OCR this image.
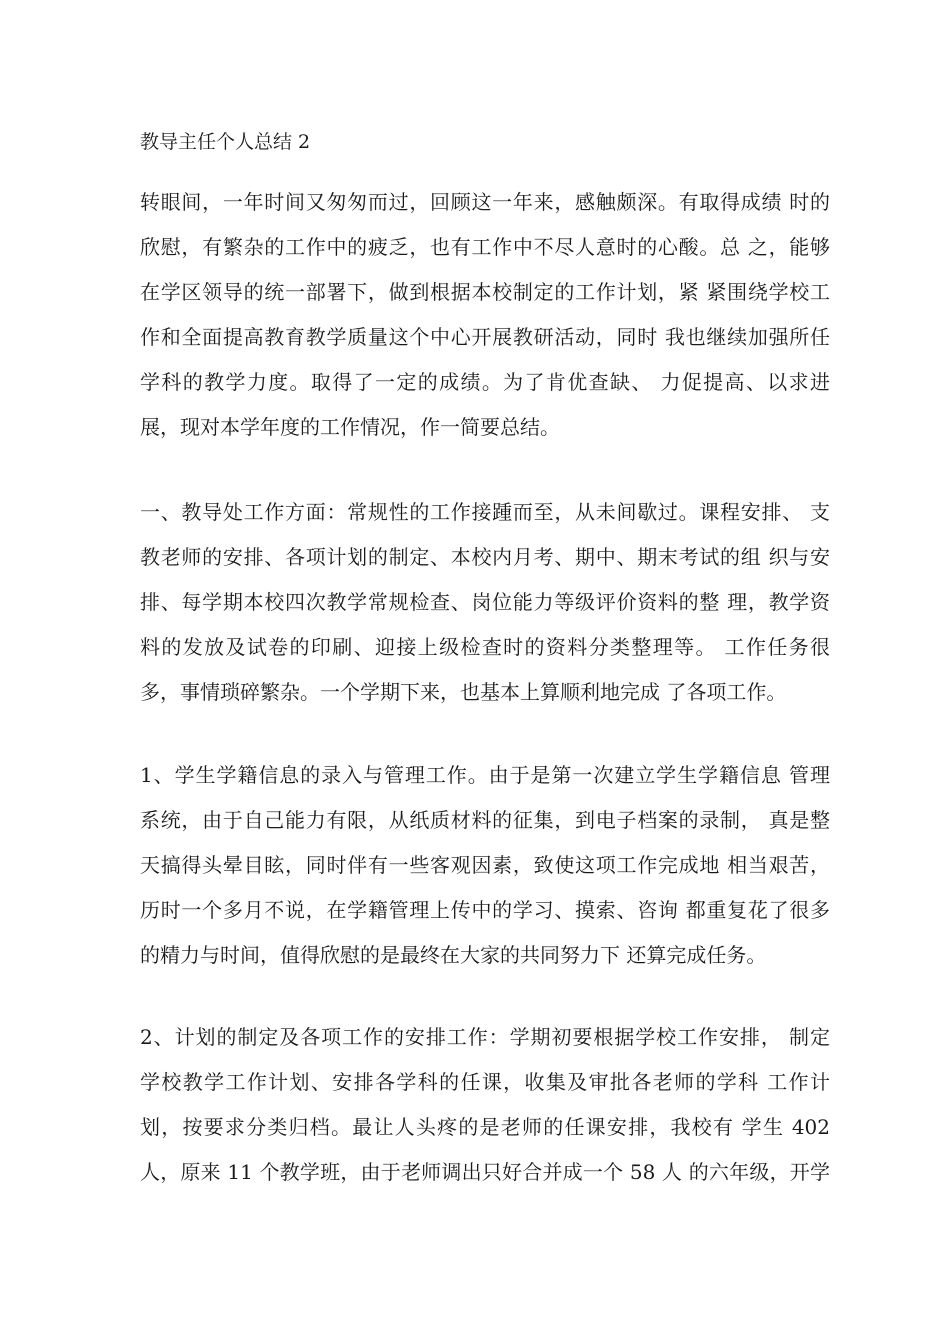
教导主任个人总结 2
转眼间，一年时间又匆匆而过，回顾这一年来，感触颇深。有取得成绩 时的
欣慰，有繁杂的工作中的疲乏，也有工作中不尽人意时的心酸。总 之，能够
在学区领导的统一部署下，做到根据本校制定的工作计划，紧 紧围绕学校工
作和全面提高教育教学质量这个中心开展教研活动，同时 我也继续加强所任
学科的教学力度。取得了一定的成绩。为了肯优查缺、 力促提高、以求进
展，现对本学年度的工作情况，作一简要总结。
一、教导处工作方面：常规性的工作接踵而至，从未间歇过。课程安排、 支
教老师的安排、各项计划的制定、本校内月考、期中、期末考试的组 织与安
排、每学期本校四次教学常规检查、岗位能力等级评价资料的整 理，教学资
料的发放及试卷的印刷、迎接上级检查时的资料分类整理等。 工作任务很
多，事情琐碎繁杂。一个学期下来，也基本上算顺利地完成 了各项工作。
1、学生学籍信息的录入与管理工作。由于是第一次建立学生学籍信息 管理
系统，由于自己能力有限，从纸质材料的征集，到电子档案的录制， 真是整
天搞得头晕目眩，同时伴有一些客观因素，致使这项工作完成地 相当艰苦，
历时一个多月不说，在学籍管理上传中的学习、摸索、咨询 都重复花了很多
的精力与时间，值得欣慰的是最终在大家的共同努力下 还算完成任务。
2、计划的制定及各项工作的安排工作：学期初要根据学校工作安排， 制定
学校教学工作计划、安排各学科的任课，收集及审批各老师的学科 工作计
划，按要求分类归档。最让人头疼的是老师的任课安排，我校有 学生 402
人，原来 11 个教学班，由于老师调出只好合并成一个 58 人 的六年级，开学
